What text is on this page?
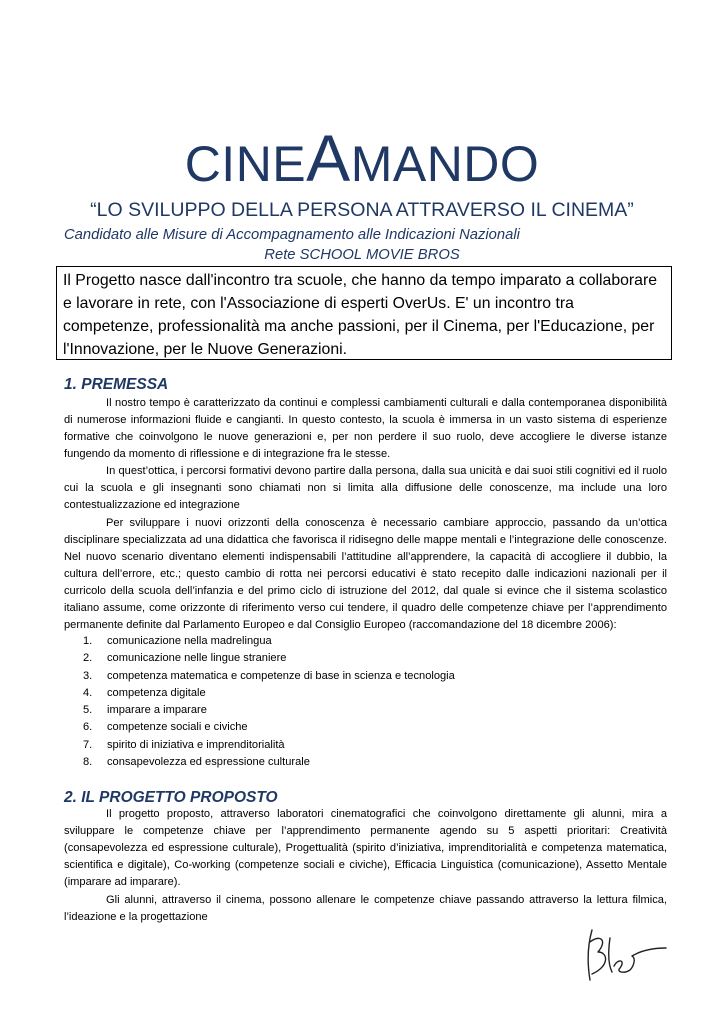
CINEAMANDO
“LO SVILUPPO DELLA PERSONA ATTRAVERSO IL CINEMA”
Candidato alle Misure di Accompagnamento alle Indicazioni Nazionali
Rete SCHOOL MOVIE BROS
Il Progetto nasce dall'incontro tra scuole, che hanno da tempo imparato a collaborare e lavorare in rete, con l'Associazione di esperti OverUs. E' un incontro tra competenze, professionalità ma anche passioni, per il Cinema, per l'Educazione, per l'Innovazione, per le Nuove Generazioni.
1. PREMESSA

Il nostro tempo è caratterizzato da continui e complessi cambiamenti culturali e dalla contemporanea disponibilità di numerose informazioni fluide e cangianti. In questo contesto, la scuola è immersa in un vasto sistema di esperienze formative che coinvolgono le nuove generazioni e, per non perdere il suo ruolo, deve accogliere le diverse istanze fungendo da momento di riflessione e di integrazione fra le stesse.

In quest’ottica, i percorsi formativi devono partire dalla persona, dalla sua unicità e dai suoi stili cognitivi ed il ruolo cui la scuola e gli insegnanti sono chiamati non si limita alla diffusione delle conoscenze, ma include una loro contestualizzazione ed integrazione

Per sviluppare i nuovi orizzonti della conoscenza è necessario cambiare approccio, passando da un’ottica disciplinare specializzata ad una didattica che favorisca il ridisegno delle mappe mentali e l’integrazione delle conoscenze. Nel nuovo scenario diventano elementi indispensabili l’attitudine all’apprendere, la capacità di accogliere il dubbio, la cultura dell’errore, etc.; questo cambio di rotta nei percorsi educativi è stato recepito dalle indicazioni nazionali per il curricolo della scuola dell’infanzia e del primo ciclo di istruzione del 2012, dal quale si evince che il sistema scolastico italiano assume, come orizzonte di riferimento verso cui tendere, il quadro delle competenze chiave per l’apprendimento permanente definite dal Parlamento Europeo e dal Consiglio Europeo (raccomandazione del 18 dicembre 2006):

1. comunicazione nella madrelingua
2. comunicazione nelle lingue straniere
3. competenza matematica e competenze di base in scienza e tecnologia
4. competenza digitale
5. imparare a imparare
6. competenze sociali e civiche
7. spirito di iniziativa e imprenditorialità
8. consapevolezza ed espressione culturale
2. IL PROGETTO PROPOSTO

Il progetto proposto, attraverso laboratori cinematografici che coinvolgono direttamente gli alunni, mira a sviluppare le competenze chiave per l’apprendimento permanente agendo su 5 aspetti prioritari: Creatività (consapevolezza ed espressione culturale), Progettualità (spirito d’iniziativa, imprenditorialità e competenza matematica, scientifica e digitale), Co-working (competenze sociali e civiche), Efficacia Linguistica (comunicazione), Assetto Mentale (imparare ad imparare).

Gli alunni, attraverso il cinema, possono allenare le competenze chiave passando attraverso la lettura filmica, l’ideazione e la progettazione
